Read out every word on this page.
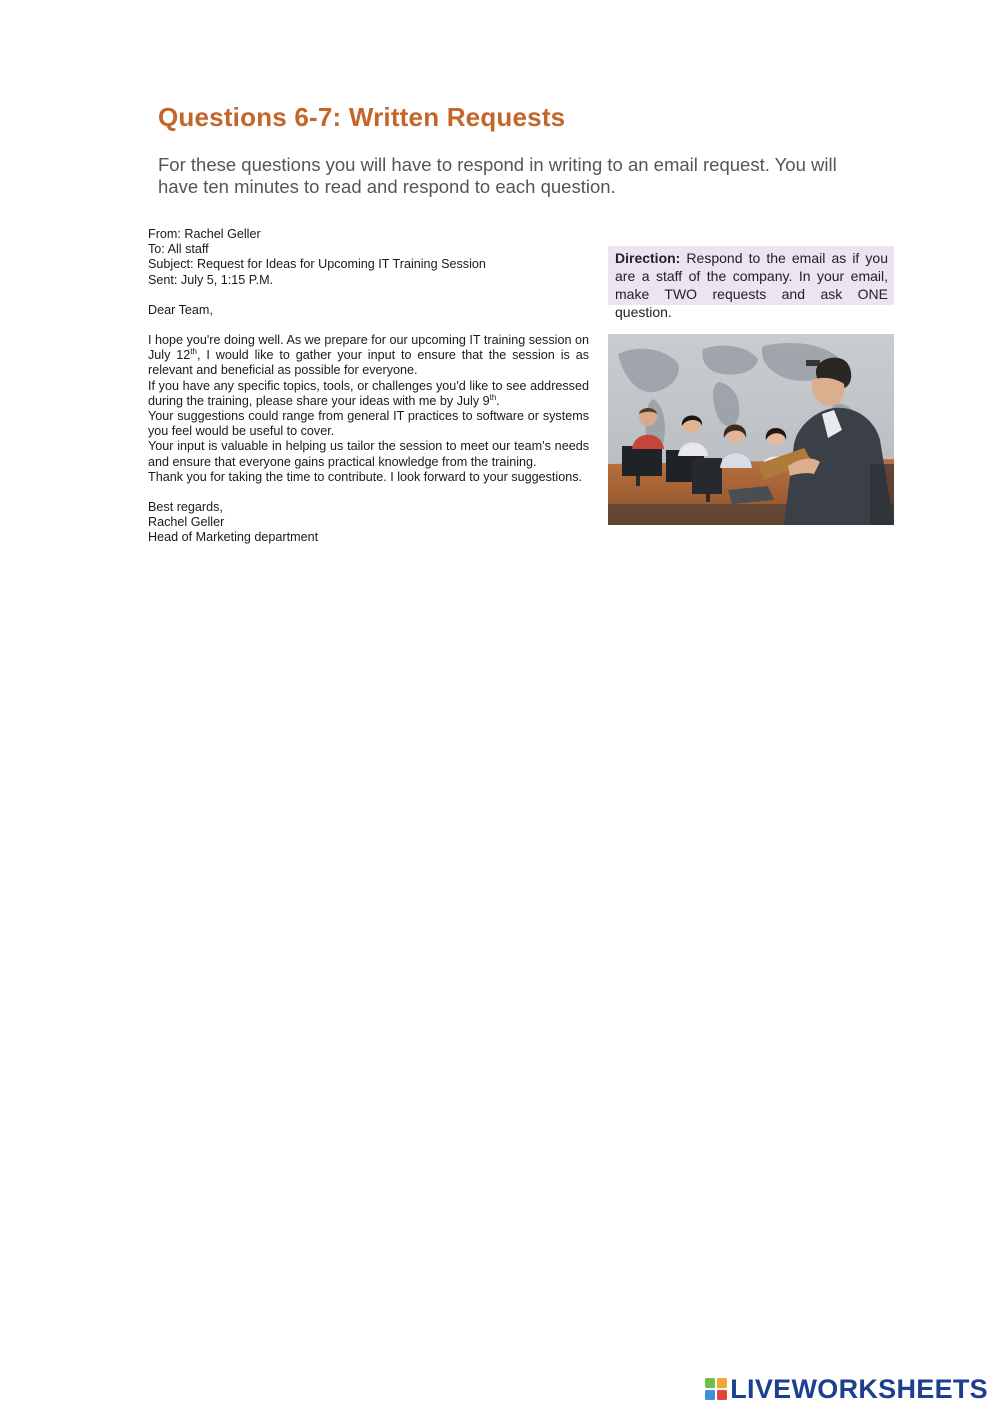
Questions 6-7: Written Requests
For these questions you will have to respond in writing to an email request. You will have ten minutes to read and respond to each question.
From: Rachel Geller
To: All staff
Subject: Request for Ideas for Upcoming IT Training Session
Sent: July 5, 1:15 P.M.
Dear Team,
I hope you're doing well. As we prepare for our upcoming IT training session on July 12th, I would like to gather your input to ensure that the session is as relevant and beneficial as possible for everyone.
If you have any specific topics, tools, or challenges you'd like to see addressed during the training, please share your ideas with me by July 9th.
Your suggestions could range from general IT practices to software or systems you feel would be useful to cover.
Your input is valuable in helping us tailor the session to meet our team's needs and ensure that everyone gains practical knowledge from the training.
Thank you for taking the time to contribute. I look forward to your suggestions.
Best regards,
Rachel Geller
Head of Marketing department
Direction: Respond to the email as if you are a staff of the company. In your email, make TWO requests and ask ONE question.
LIVEWORKSHEETS
